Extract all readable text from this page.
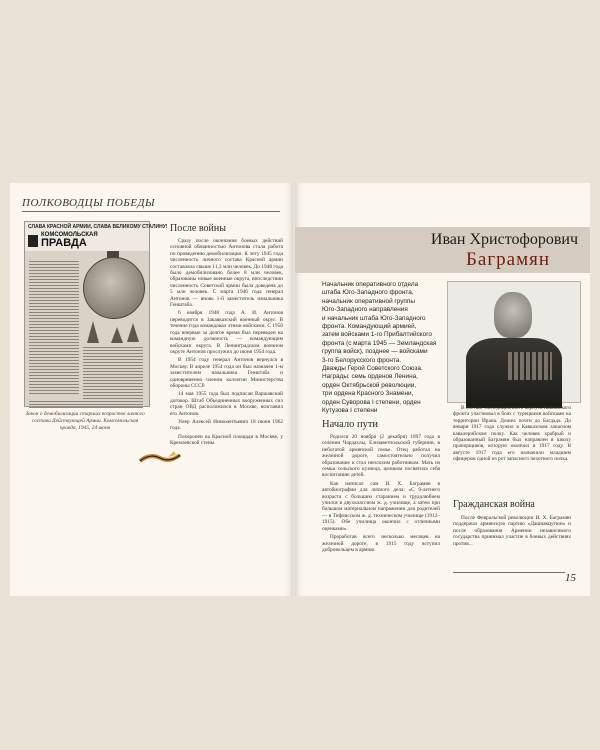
ПОЛКОВОДЦЫ ПОБЕДЫ
СЛАВА КРАСНОЙ АРМИИ, СЛАВА ВЕЛИКОМУ СТАЛИНУ!
КОМСОМОЛЬСКАЯ
ПРАВДА
Закон о демобилизации старших возрастов личного состава Действующей Армии. Комсомольская правда, 1945, 24 июня
После войны

Сразу после окончания боевых действий основной обязанностью Антонова стала работа по проведению демобилизации. К лету 1945 года численность личного состава Красной армии составляла свыше 11,3 млн человек. До 1948 года было демобилизовано более 8 млн человек, образованы новые военные округа, впоследствии численность Советской армии была доведена до 5 млн человек. С марта 1946 года генерал Антонов — вновь 1-й заместитель начальника Генштаба.

6 ноября 1948 года А. И. Антонов переводится в Закавказский военный округ. В течение года командовал этими войсками. С 1950 года впервые за долгое время был переведен на командную должность — командующим войсками округа. В Ленинградском военном округе Антонов прослужил до июня 1954 года.

В 1954 году генерал Антонов вернулся в Москву. В апреле 1954 года он был назначен 1-м заместителем начальника Генштаба и одновременно членом коллегии Министерства обороны СССР.

14 мая 1955 года был подписан Варшавский договор. Штаб Объединенных вооруженных сил стран ОВД расположился в Москве, возглавил его Антонов.

Умер Алексей Иннокентьевич 18 июня 1962 года.

Похоронен на Красной площади в Москве, у Кремлевской стены.

Иван Христофорович
Баграмян
Начальник оперативного отдела
штаба Юго-Западного фронта,
начальник оперативной группы
Юго-Западного направления
и начальник штаба Юго-Западного
фронта. Командующий армией,
затем войсками 1-го Прибалтийского
фронта (с марта 1945 — Земландская
группа войск), позднее — войсками
3-го Белорусского фронта.
Дважды Герой Советского Союза.
Награды: семь орденов Ленина,
орден Октябрьской революции,
три ордена Красного Знамени,
орден Суворова I степени, орден
Кутузова I степени
Начало пути

Родился 20 ноября (2 декабря) 1897 года в селении Чардахлы, Елизаветпольской губернии, в небогатой армянской семье. Отец работал на железной дороге, самостоятельно получил образование и стал неплохим работником. Мать из семьи сельского кузнеца, целиком посвятила себя воспитанию детей.

Как написал сам И. Х. Баграмян в автобиографии для личного дела: «С 9-летнего возраста с большим старанием и трудолюбием учился в двухклассном ж. д. училище, а затем при большом материальном напряжении для родителей — в Тифлисском ж. д. техническом училище (1912–1915). Обе училища окончил с отличными оценками».

Проработав всего несколько месяцев на железной дороге, в 1915 году вступил добровольцем в армию.

В составе экспедиционного корпуса Кавказского фронта участвовал в боях с турецкими войсками на территории Ирана. Дошел почти до Багдада. До января 1917 года служил в Кавказском запасном кавалерийском полку. Как человек храбрый и образованный Баграмян был направлен в школу прапорщиков, которую окончил в 1917 году. В августе 1917 года его назначили младшим офицером одной из рот запасного пехотного полка.

Гражданская война

После Февральской революции И. Х. Баграмян поддержал армянскую партию «Дашнакцутюн» и после образования Армении независимого государства принимал участие в боевых действиях против...

15
